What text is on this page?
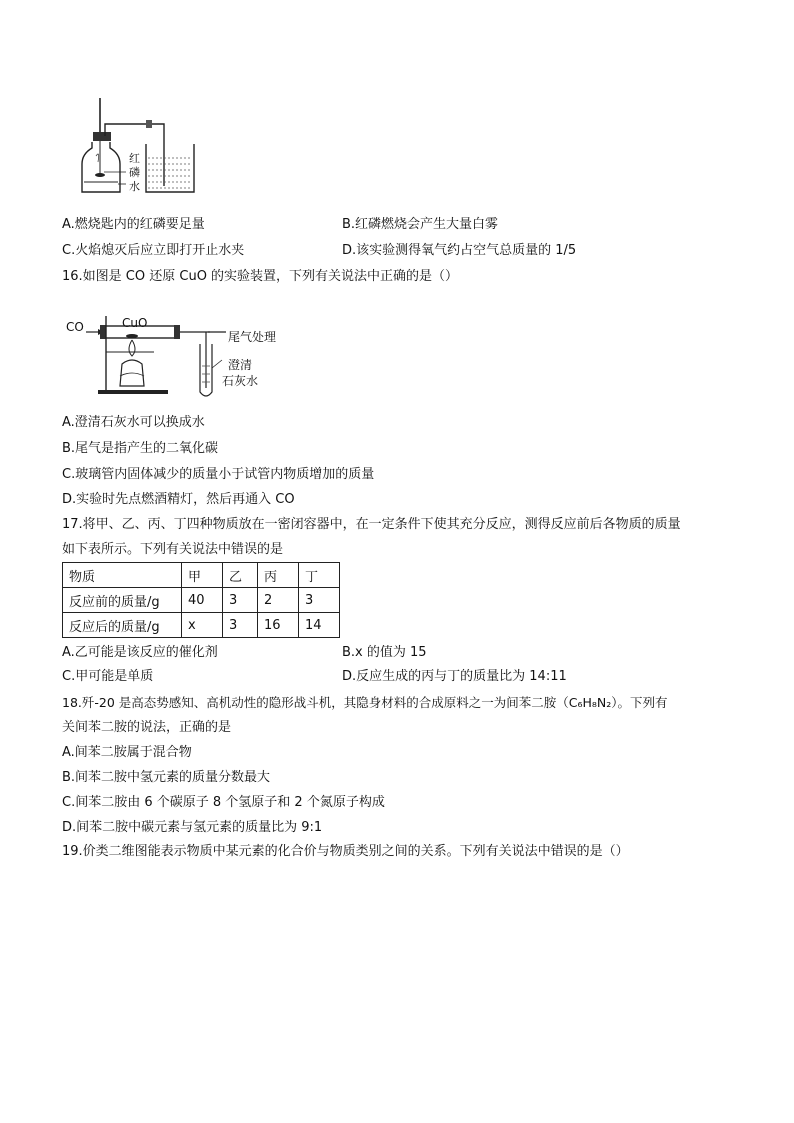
红
磷
水
A.燃烧匙内的红磷要足量	B.红磷燃烧会产生大量白雾
C.火焰熄灭后应立即打开止水夹	D.该实验测得氧气约占空气总质量的 1/5
16.如图是 CO 还原 CuO 的实验装置，下列有关说法中正确的是（）
CO	CuO
尾气处理
澄清
石灰水
A.澄清石灰水可以换成水
B.尾气是指产生的二氧化碳
C.玻璃管内固体减少的质量小于试管内物质增加的质量
D.实验时先点燃酒精灯，然后再通入 CO
17.将甲、乙、丙、丁四种物质放在一密闭容器中，在一定条件下使其充分反应，测得反应前后各物质的质量
如下表所示。下列有关说法中错误的是
物质	甲	乙	丙	丁
反应前的质量/g	40	3	2	3
反应后的质量/g	x	3	16	14
A.乙可能是该反应的催化剂	B.x 的值为 15
C.甲可能是单质	D.反应生成的丙与丁的质量比为 14:11
18.歼-20 是高态势感知、高机动性的隐形战斗机，其隐身材料的合成原料之一为间苯二胺（C₆H₈N₂）。下列有
关间苯二胺的说法，正确的是
A.间苯二胺属于混合物
B.间苯二胺中氢元素的质量分数最大
C.间苯二胺由 6 个碳原子 8 个氢原子和 2 个氮原子构成
D.间苯二胺中碳元素与氢元素的质量比为 9:1
19.价类二维图能表示物质中某元素的化合价与物质类别之间的关系。下列有关说法中错误的是（）
